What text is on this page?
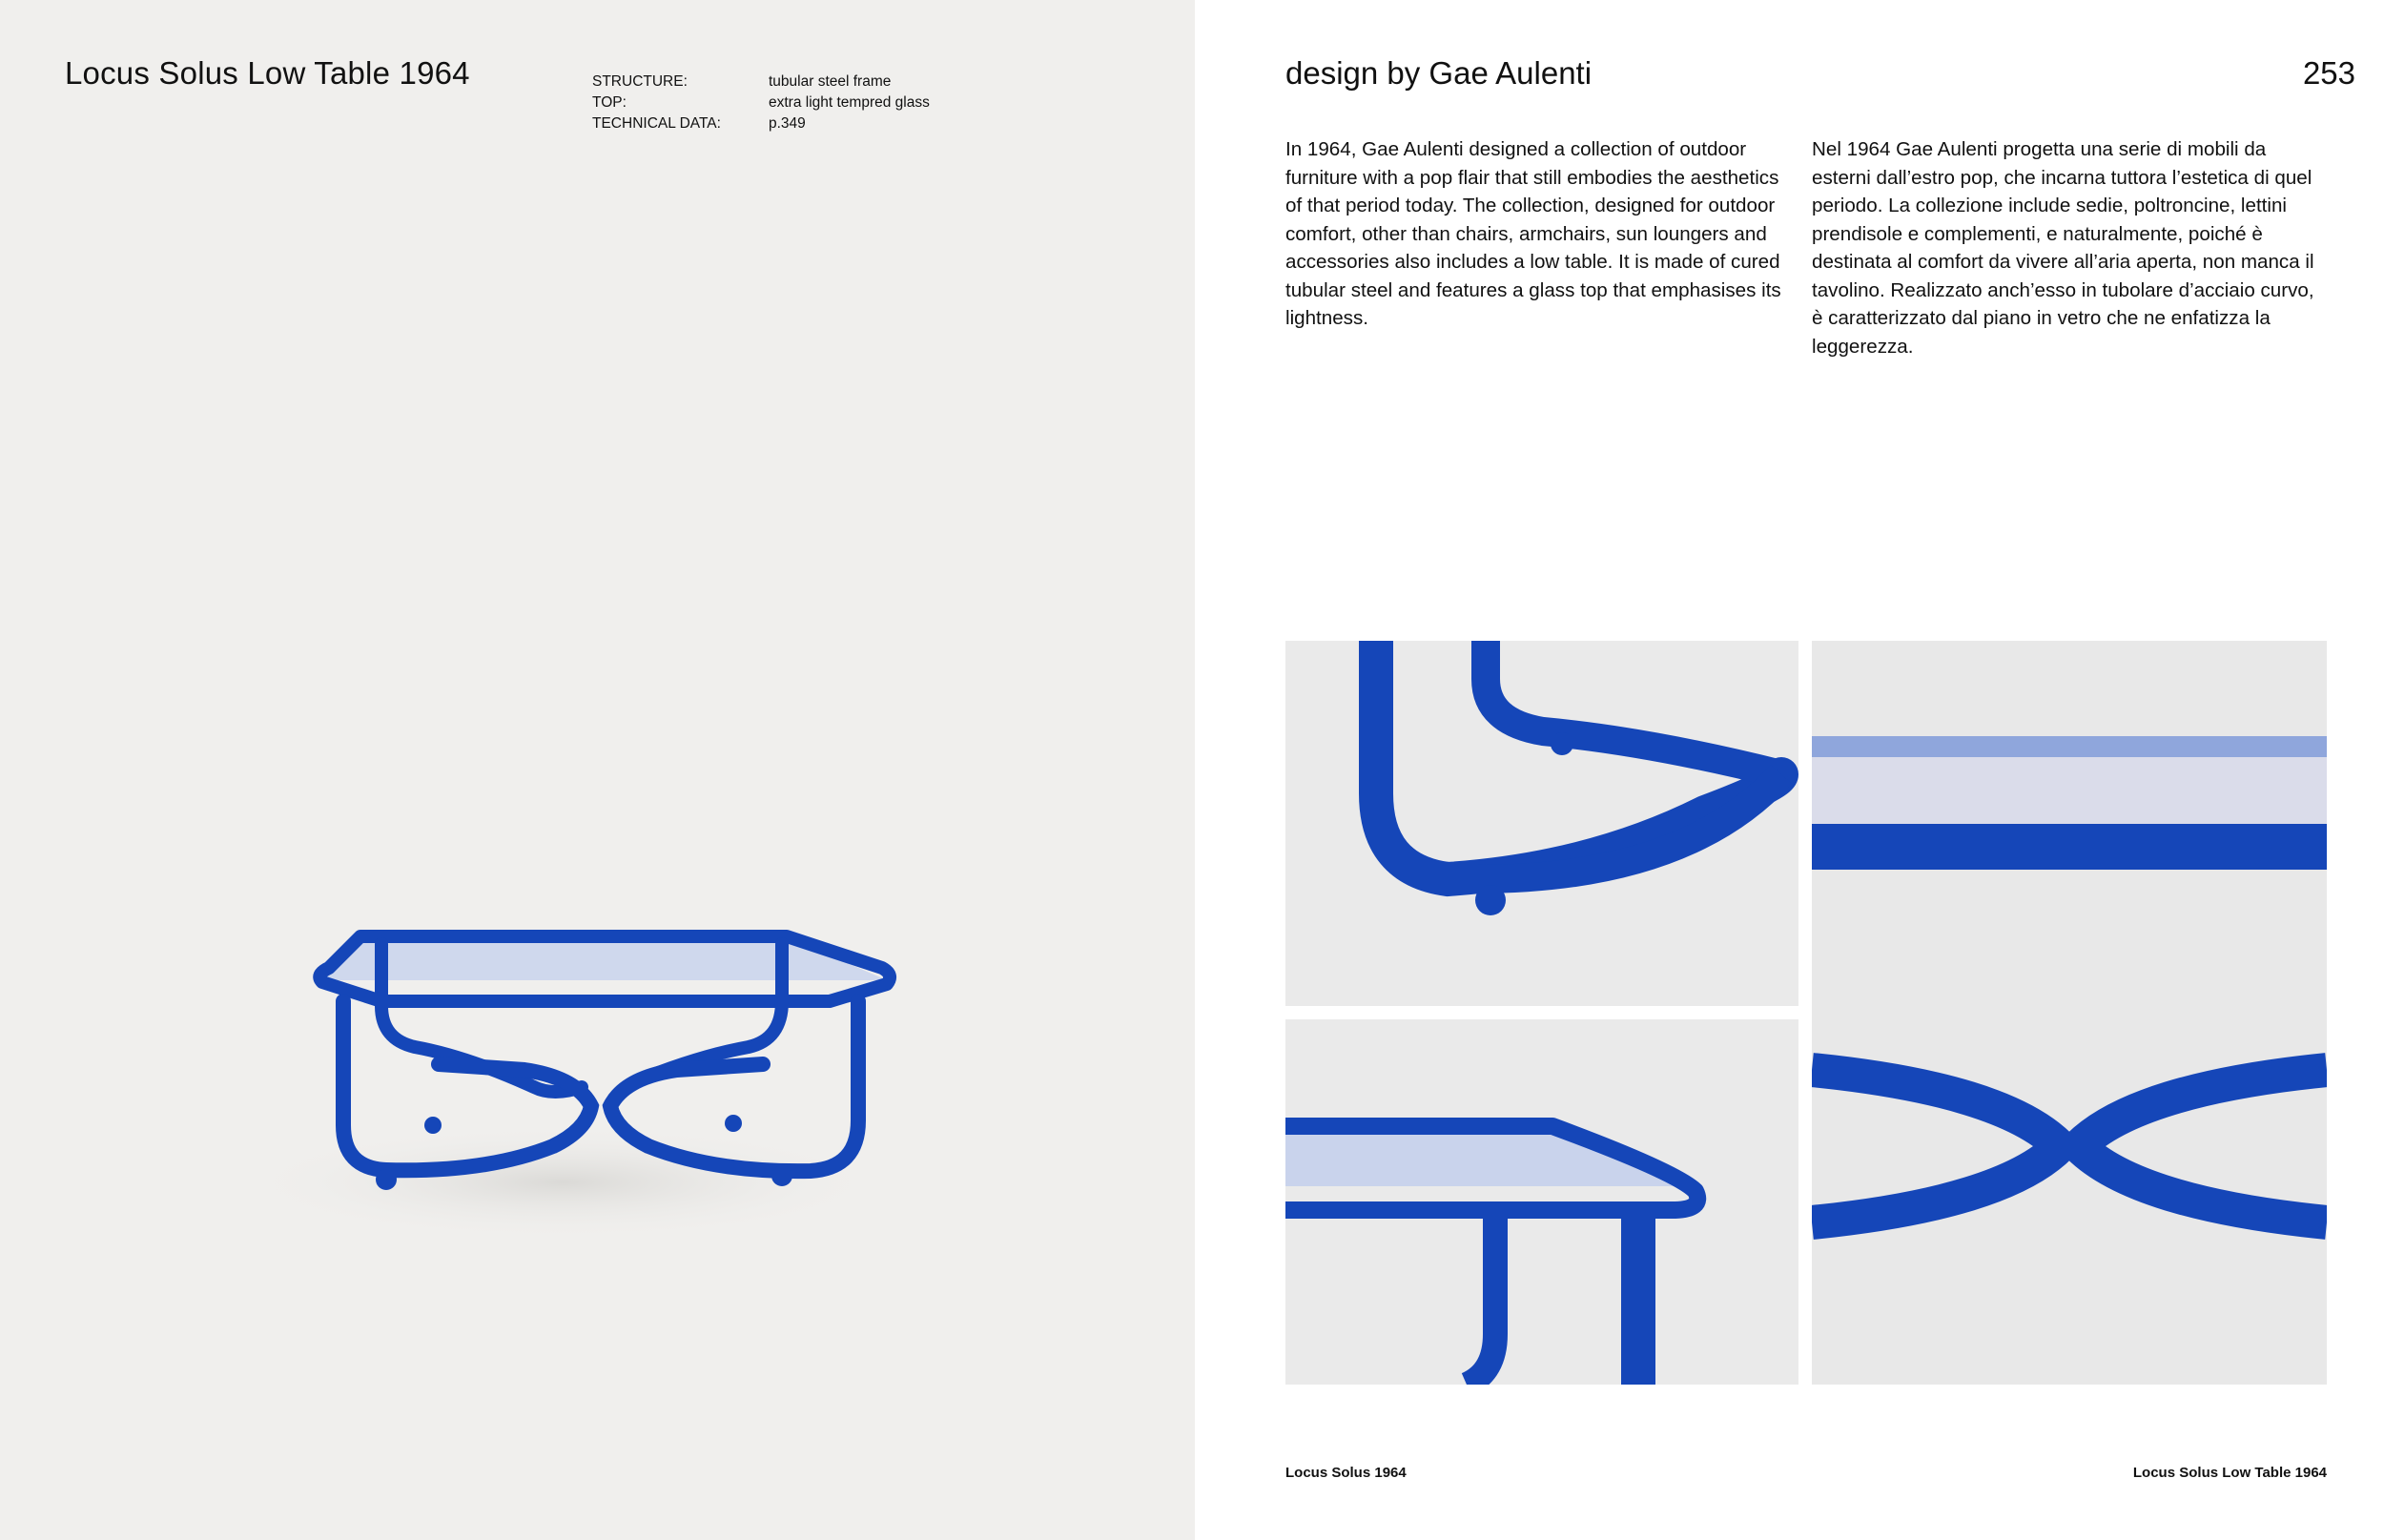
Locus Solus Low Table 1964	STRUCTURE:	tubular steel frame
TOP:	extra light tempred glass
TECHNICAL DATA:	p.349
design by Gae Aulenti	253
In 1964, Gae Aulenti designed a collection of outdoor furniture with a pop flair that still embodies the aesthetics of that period today. The collection, designed for outdoor comfort, other than chairs, armchairs, sun loungers and accessories also includes a low table. It is made of cured tubular steel and features a glass top that emphasises its lightness.
Nel 1964 Gae Aulenti progetta una serie di mobili da esterni dall’estro pop, che incarna tuttora l’estetica di quel periodo. La collezione include sedie, poltroncine, lettini prendisole e complementi, e naturalmente, poiché è destinata al comfort da vivere all’aria aperta, non manca il tavolino. Realizzato anch’esso in tubolare d’acciaio curvo, è caratterizzato dal piano in vetro che ne enfatizza la leggerezza.
Locus Solus 1964	Locus Solus Low Table 1964
